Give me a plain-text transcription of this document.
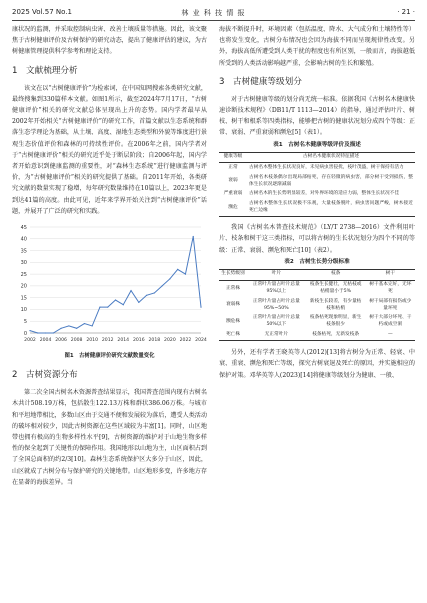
2025 Vol.57 No.1	林 业 科 技 情 报	· 21 ·

康状况的监测，并采取控制病虫害、改善土壤质量等措施。因此，该文聚焦于古树健康评价及古树保护的研究动态，提出了健康评估的建议，为古树健康管理提供科学参考和理论支持。

1　文献梳理分析

该文在以“古树健康评价”为检索词，在中国知网搜索各类研究文献，最终搜集到330篇样本文献。如图1所示，截至2024年7月17日，“古树健康评价”相关的研究文献总体呈现出上升的态势。国内学者最早从2002年开始相关“古树健康评价”的研究工作，首篇文献以生态系统和群落生态学理论为基础，从土壤、高度、湿地生态类型和外貌等维度进行景观生态价值评价和森林的可持续性评价。在2006年之前，国内学者对于“古树健康评价”相关的研究近乎处于断层阶段；自2006年起，国内学者开始意识到健康监测的重要性，对“森林生态系统”进行健康监测与评价，为“古树健康评价”相关的研究提供了基础。自2011年开始，各类研究文献的数量实现了稳增，每年研究数量维持在10篇以上，2023年更是到达41篇的高度。由此可见，近年来学界开始关注到“古树健康评价”话题，并展开了广泛的研究和实践。

0
5
10
15
20
25
30
35
40
45
2002 2004 2006 2008 2010 2012 2014 2016 2018 2020 2022 2024
图1　古树健康评价研究文献数量变化
2　古树资源分布

第二次全国古树名木资源普查结果显示，我国普查范围内现有古树名木共计508.19万株，包括散生122.13万株和群状386.06万株。与城市和平坦地带相比，多数山区由于交通不便和发展较为落后，遭受人类活动的破坏相对较少，因此古树资源在这些区域较为丰富[1]。同时，山区地带也拥有极高的生物多样性水平[9]，古树资源的维护对于山地生物多样性的保全起到了关键性的保障作用。我国地形以山地为主，山区面积占到了全国总面积的约2/3[10]。森林生态系统保护区大多分于山区，因此，山区就成了古树分布与保护研究的关键地带。山区地形多变，许多地方存在显著的海拔差异。当

海拔不断提升时，环境因素（包括温度、降水、大气成分和土壤特性等）也将发生变化，古树分布情况也会因为海拔不同而呈现规律性改变。另外，海拔高低所遭受到人类干扰的程度也有所区别，一般而言，海拔越低所受到的人类活动影响越严重，会影响古树的生长和繁殖。

3　古树健康等级划分

对于古树健康等级的划分尚无统一标准。依据我国《古树名木健康快速诊断技术规程》（DB11/T 1113—2014）的指导，通过评估叶片、树枝、树干和根系等四类指标，能够把古树的健康状况划分成四个等级：正常、衰弱、严重衰弱和濒危[5]（表1）。

表1　古树名木健康等级评价及描述
健康等级	古树名木健康状况特征描述
正常	古树名木整体生长状况良好，未见病虫害侵扰，枝叶茂盛，树干保持有活力
衰弱	古树名木枝条偶尔出现局部枯死，存在轻微的病虫害，部分树干受到损伤，整体生长状况逐渐减弱
严重衰弱	古树名木的生长势明显较差，对外界环境的适应力弱，整体生长状况不佳
濒危	古树名木整体生长状况极不乐观，大量枝条脱叶，病虫害问题严峻，树木接近死亡边缘

我国《古树名木普查技术规范》（LY/T 2738—2016）文件利用叶片、枝条和树干这三类指标，可以将古树的生长状况划分为四个不同的等级：正常、衰弱、濒危和死亡[10]（表2）。

表2　古树生长势分级标准
生长势级别	叶片	枝条	树干
正常株	正常叶片量占叶片总量95%以上	枝条生长健壮，无枯枝或枯梢量小于5%	树干基本完好，无坏死
衰弱株	正常叶片量占叶片总量95%~50%	新枝生长较差，有少量枯枝和枯梢	树干局部有损伤或少量坏死
濒危株	正常叶片量占叶片总量50%以下	枝条枯死现象明显，新生枝条很少	树干大部分坏死、干朽或成空洞
死亡株	无正常叶片	枝条枯死，无新发枝条	—

另外，还有学者王晓英等人(2012)[13]将古树分为正常、轻衰、中衰、重衰、濒危和死亡等级，探究古树衰退及死亡的原因，并实施相应的保护对策。邓华英等人(2023)[14]将健康等级划分为健康、一般、
